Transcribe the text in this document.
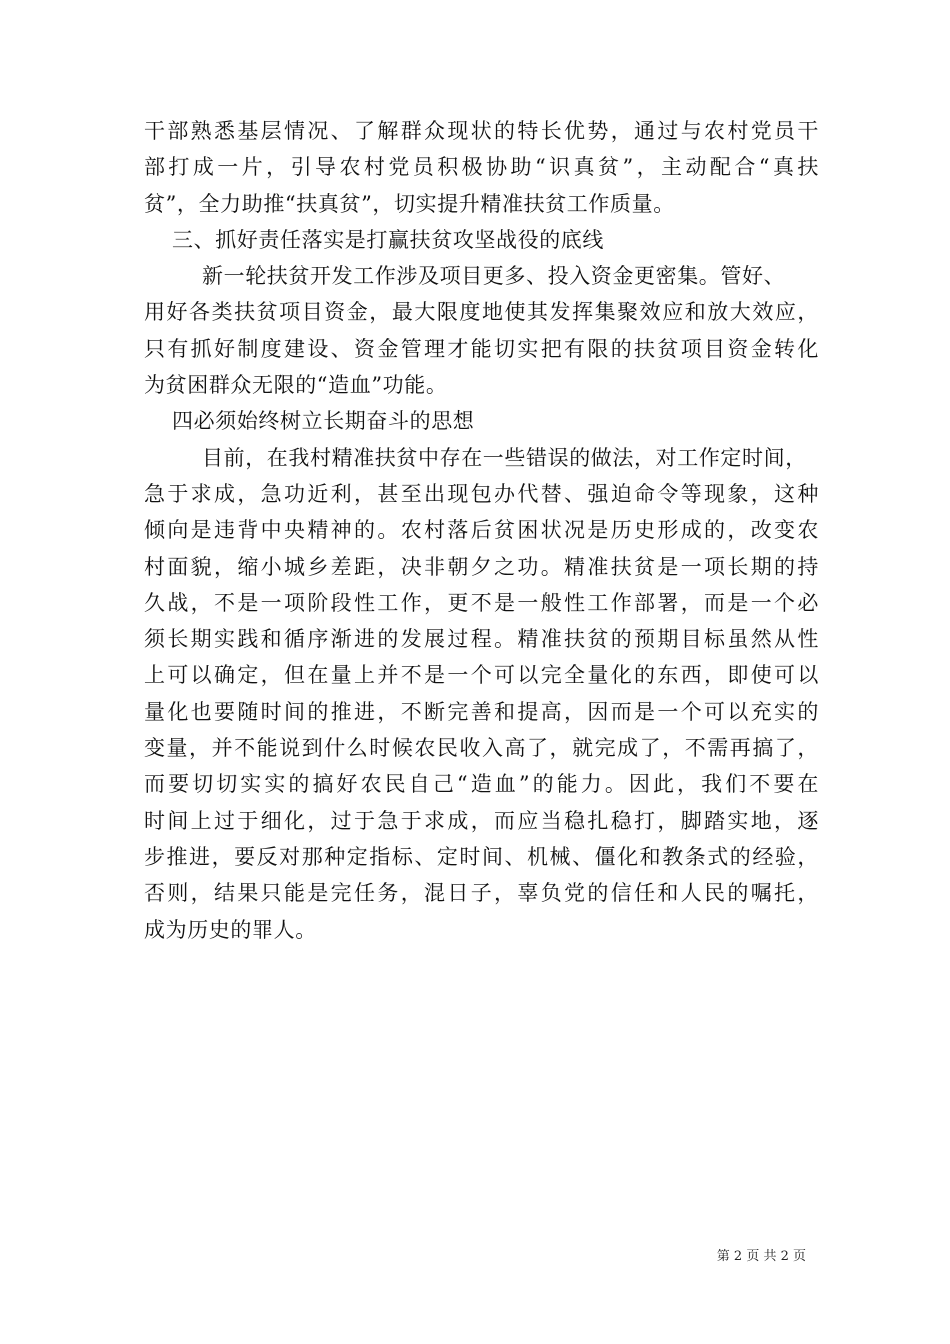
干部熟悉基层情况、了解群众现状的特长优势，通过与农村党员干
部打成一片，引导农村党员积极协助“识真贫”，主动配合“真扶
贫”，全力助推“扶真贫”，切实提升精准扶贫工作质量。
三、抓好责任落实是打赢扶贫攻坚战役的底线
新一轮扶贫开发工作涉及项目更多、投入资金更密集。管好、
用好各类扶贫项目资金，最大限度地使其发挥集聚效应和放大效应，
只有抓好制度建设、资金管理才能切实把有限的扶贫项目资金转化
为贫困群众无限的“造血”功能。
四必须始终树立长期奋斗的思想
目前，在我村精准扶贫中存在一些错误的做法，对工作定时间，
急于求成，急功近利，甚至出现包办代替、强迫命令等现象，这种
倾向是违背中央精神的。农村落后贫困状况是历史形成的，改变农
村面貌，缩小城乡差距，决非朝夕之功。精准扶贫是一项长期的持
久战，不是一项阶段性工作，更不是一般性工作部署，而是一个必
须长期实践和循序渐进的发展过程。精准扶贫的预期目标虽然从性
上可以确定，但在量上并不是一个可以完全量化的东西，即使可以
量化也要随时间的推进，不断完善和提高，因而是一个可以充实的
变量，并不能说到什么时候农民收入高了，就完成了，不需再搞了，
而要切切实实的搞好农民自己“造血”的能力。因此，我们不要在
时间上过于细化，过于急于求成，而应当稳扎稳打，脚踏实地，逐
步推进，要反对那种定指标、定时间、机械、僵化和教条式的经验，
否则，结果只能是完任务，混日子，辜负党的信任和人民的嘱托，
成为历史的罪人。
第 2 页 共 2 页
